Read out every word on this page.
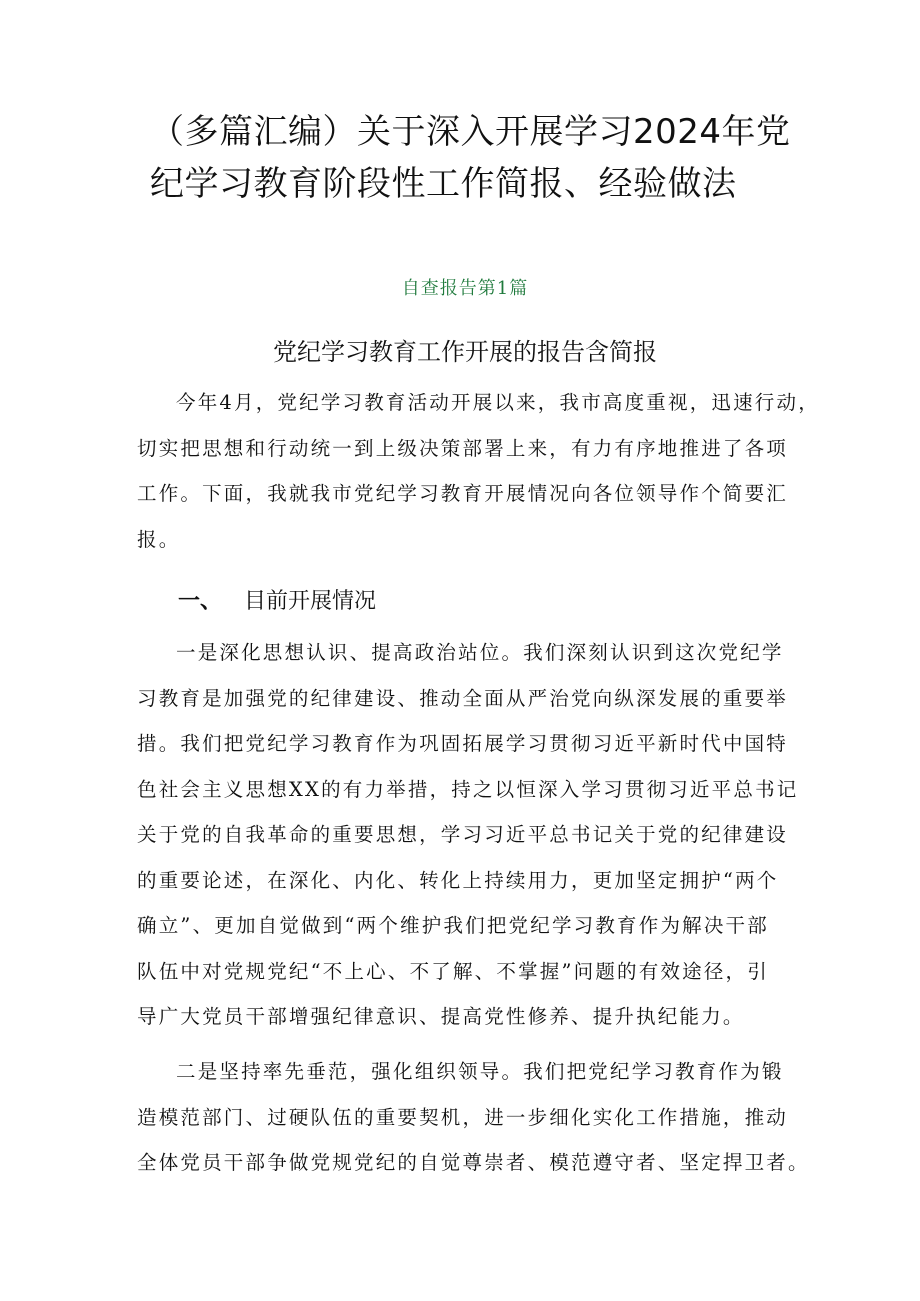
（多篇汇编）关于深入开展学习2024年党
纪学习教育阶段性工作简报、经验做法
自查报告第1篇
党纪学习教育工作开展的报告含简报

今年4月，党纪学习教育活动开展以来，我市高度重视，迅速行动，
切实把思想和行动统一到上级决策部署上来，有力有序地推进了各项
工作。下面，我就我市党纪学习教育开展情况向各位领导作个简要汇
报。

一、 目前开展情况

一是深化思想认识、提高政治站位。我们深刻认识到这次党纪学
习教育是加强党的纪律建设、推动全面从严治党向纵深发展的重要举
措。我们把党纪学习教育作为巩固拓展学习贯彻习近平新时代中国特
色社会主义思想XX的有力举措，持之以恒深入学习贯彻习近平总书记
关于党的自我革命的重要思想，学习习近平总书记关于党的纪律建设
的重要论述，在深化、内化、转化上持续用力，更加坚定拥护“两个
确立”、更加自觉做到“两个维护我们把党纪学习教育作为解决干部
队伍中对党规党纪“不上心、不了解、不掌握”问题的有效途径，引
导广大党员干部增强纪律意识、提高党性修养、提升执纪能力。

二是坚持率先垂范，强化组织领导。我们把党纪学习教育作为锻
造模范部门、过硬队伍的重要契机，进一步细化实化工作措施，推动
全体党员干部争做党规党纪的自觉尊崇者、模范遵守者、坚定捍卫者。
